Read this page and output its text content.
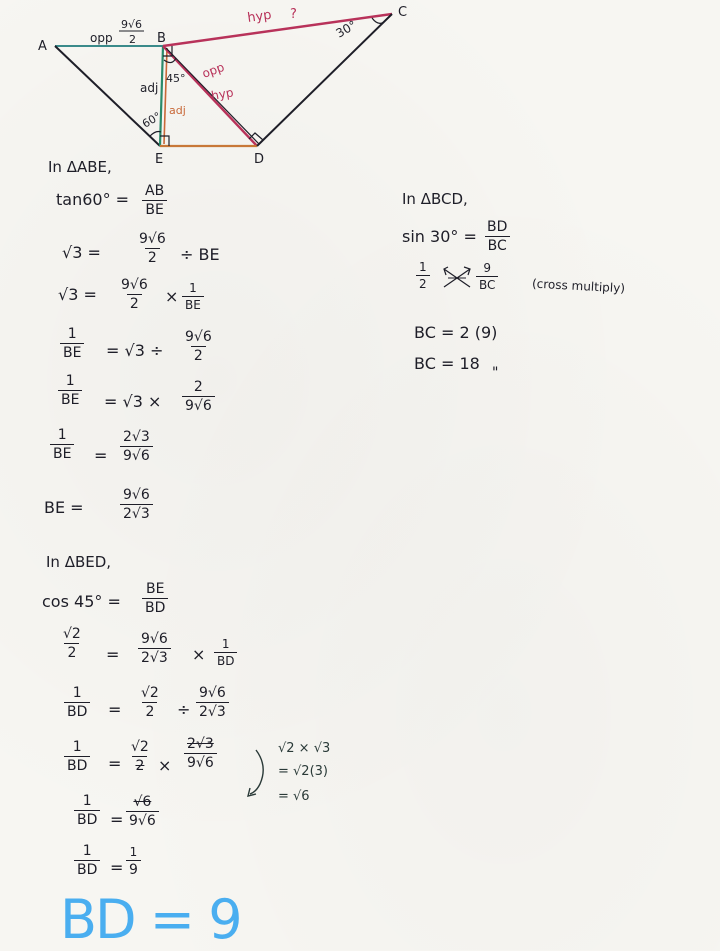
A
B
C
D
E
opp
9√6
2
hyp ?
30°
adj
60°
45°
adj
opp
hyp
In ΔABE,
$\tan 60^\circ = \frac{AB}{BE}$
√3 =	$\frac{9√6}{2}$ ÷ BE
$√3 = \frac{9√6}{2} \times \frac{1}{BE}$
$\frac{1}{BE} = √3 \div \frac{9√6}{2}$
$\frac{1}{BE} = √3 \times \frac{2}{9√6}$
$\frac{1}{BE} = \frac{2√3}{9√6}$
BE =	$\frac{9√6}{2√3}$
In ΔBED,
$\cos 45^\circ = \frac{BE}{BD}$
$\frac{√2}{2} = \frac{9√6}{2√3} \times \frac{1}{BD}$
$\frac{1}{BD} = \frac{√2}{2} \div \frac{9√6}{2√3}$
$\frac{1}{BD} = \frac{√2}{2} \times \frac{2√3}{9√6}$	√2 × √3
= √2(3)
= √6
$\frac{1}{BD} = \frac{√6}{9√6}$
$\frac{1}{BD} = \frac{1}{9}$
BD = 9
In ΔBCD,
$\sin 30^\circ = \frac{BD}{BC}$
$\frac{1}{2}$	$\frac{9}{BC}$	(cross multiply)
BC = 2 (9)
BC = 18 "
